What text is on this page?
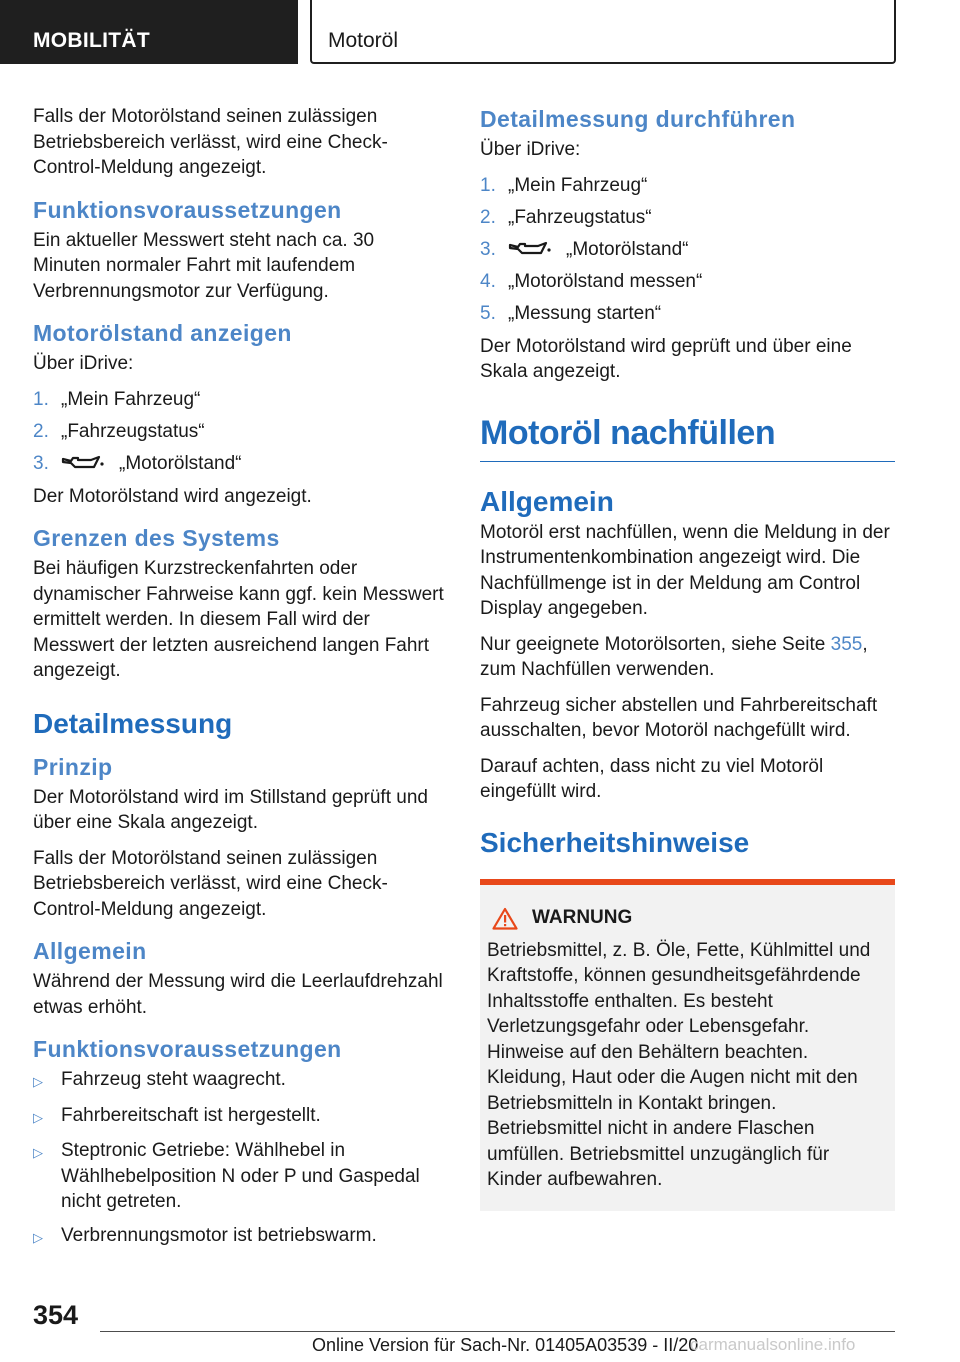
MOBILITÄT	Motoröl

Falls der Motorölstand seinen zulässigen Betriebsbereich verlässt, wird eine Check-Control-Meldung angezeigt.

Funktionsvoraussetzungen

Ein aktueller Messwert steht nach ca. 30 Minuten normaler Fahrt mit laufendem Verbrennungsmotor zur Verfügung.

Motorölstand anzeigen

Über iDrive:

1. „Mein Fahrzeug“
2. „Fahrzeugstatus“
3.	„Motorölstand“

Der Motorölstand wird angezeigt.

Grenzen des Systems

Bei häufigen Kurzstreckenfahrten oder dynamischer Fahrweise kann ggf. kein Messwert ermittelt werden. In diesem Fall wird der Messwert der letzten ausreichend langen Fahrt angezeigt.

Detailmessung
Prinzip

Der Motorölstand wird im Stillstand geprüft und über eine Skala angezeigt.

Falls der Motorölstand seinen zulässigen Betriebsbereich verlässt, wird eine Check-Control-Meldung angezeigt.

Allgemein

Während der Messung wird die Leerlaufdrehzahl etwas erhöht.

Funktionsvoraussetzungen
▷ Fahrzeug steht waagrecht.
▷ Fahrbereitschaft ist hergestellt.
▷ Steptronic Getriebe: Wählhebel in Wählhebelposition N oder P und Gaspedal nicht getreten.
▷ Verbrennungsmotor ist betriebswarm.
Detailmessung durchführen

Über iDrive:

1. „Mein Fahrzeug“
2. „Fahrzeugstatus“
3.	„Motorölstand“
4. „Motorölstand messen“
5. „Messung starten“

Der Motorölstand wird geprüft und über eine Skala angezeigt.

Motoröl nachfüllen
Allgemein

Motoröl erst nachfüllen, wenn die Meldung in der Instrumentenkombination angezeigt wird. Die Nachfüllmenge ist in der Meldung am Control Display angegeben.

Nur geeignete Motorölsorten, siehe Seite 355, zum Nachfüllen verwenden.

Fahrzeug sicher abstellen und Fahrbereitschaft ausschalten, bevor Motoröl nachgefüllt wird.

Darauf achten, dass nicht zu viel Motoröl eingefüllt wird.

Sicherheitshinweise
WARNUNG

Betriebsmittel, z. B. Öle, Fette, Kühlmittel und Kraftstoffe, können gesundheitsgefährdende Inhaltsstoffe enthalten. Es besteht Verletzungsgefahr oder Lebensgefahr. Hinweise auf den Behältern beachten. Kleidung, Haut oder die Augen nicht mit den Betriebsmitteln in Kontakt bringen. Betriebsmittel nicht in andere Flaschen umfüllen. Betriebsmittel unzugänglich für Kinder aufbewahren.

354
Online Version für Sach-Nr. 01405A03539 - II/20
carmanualsonline.info
